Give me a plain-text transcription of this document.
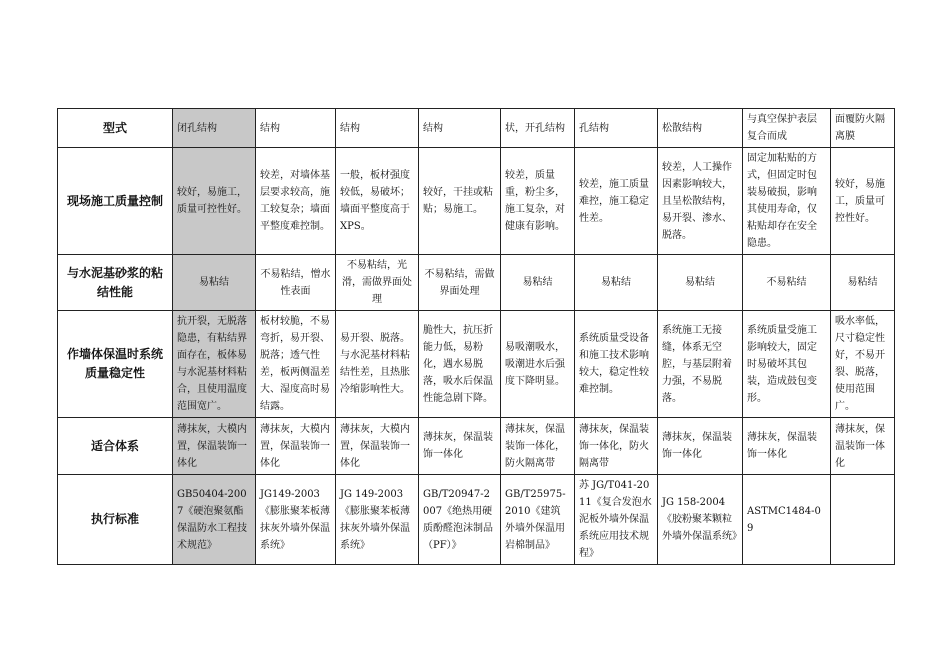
型式	闭孔结构	结构	结构	结构	状，开孔结构	孔结构	松散结构	与真空保护表层复合而成	面覆防火隔离膜
现场施工质量控制	较好，易施工，质量可控性好。	较差，对墙体基层要求较高，施工较复杂；墙面平整度难控制。	一般，板材强度较低，易破坏；墙面平整度高于XPS。	较好，干挂或粘贴；易施工。	较差，质量重，粉尘多，施工复杂，对健康有影响。	较差，施工质量难控，施工稳定性差。	较差，人工操作因素影响较大，且呈松散结构，易开裂、渗水、脱落。	固定加粘贴的方式，但固定时包装易破损，影响其使用寿命，仅粘贴却存在安全隐患。	较好，易施工，质量可控性好。
与水泥基砂浆的粘结性能	易粘结	不易粘结，憎水性表面	不易粘结，光滑，需做界面处理	不易粘结，需做界面处理	易粘结	易粘结	易粘结	不易粘结	易粘结
作墙体保温时系统质量稳定性	抗开裂，无脱落隐患，有粘结界面存在，板体易与水泥基材料粘合，且使用温度范围宽广。	板材较脆，不易弯折，易开裂、脱落；透气性差，板两侧温差大、湿度高时易结露。	易开裂、脱落。与水泥基材料粘结性差，且热胀冷缩影响性大。	脆性大，抗压折能力低，易粉化，遇水易脱落，吸水后保温性能急剧下降。	易吸潮吸水，吸潮进水后强度下降明显。	系统质量受设备和施工技术影响较大，稳定性较难控制。	系统施工无接缝，体系无空腔，与基层附着力强，不易脱落。	系统质量受施工影响较大，固定时易破坏其包装，造成鼓包变形。	吸水率低，尺寸稳定性好，不易开裂、脱落，使用范围广。
适合体系	薄抹灰，大模内置，保温装饰一体化	薄抹灰，大模内置，保温装饰一体化	薄抹灰，大模内置，保温装饰一体化	薄抹灰，保温装饰一体化	薄抹灰，保温装饰一体化，防火隔离带	薄抹灰，保温装饰一体化，防火隔离带	薄抹灰，保温装饰一体化	薄抹灰，保温装饰一体化	薄抹灰，保温装饰一体化
执行标准	GB50404-2007《硬泡聚氨酯保温防水工程技术规范》	JG149-2003《膨胀聚苯板薄抹灰外墙外保温系统》	JG 149-2003《膨胀聚苯板薄抹灰外墙外保温系统》	GB/T20947-2007《绝热用硬质酚醛泡沫制品（PF）》	GB/T25975-2010《建筑外墙外保温用岩棉制品》	苏 JG/T041-2011《复合发泡水泥板外墙外保温系统应用技术规程》	JG 158-2004《胶粉聚苯颗粒外墙外保温系统》	ASTMC1484-09	
